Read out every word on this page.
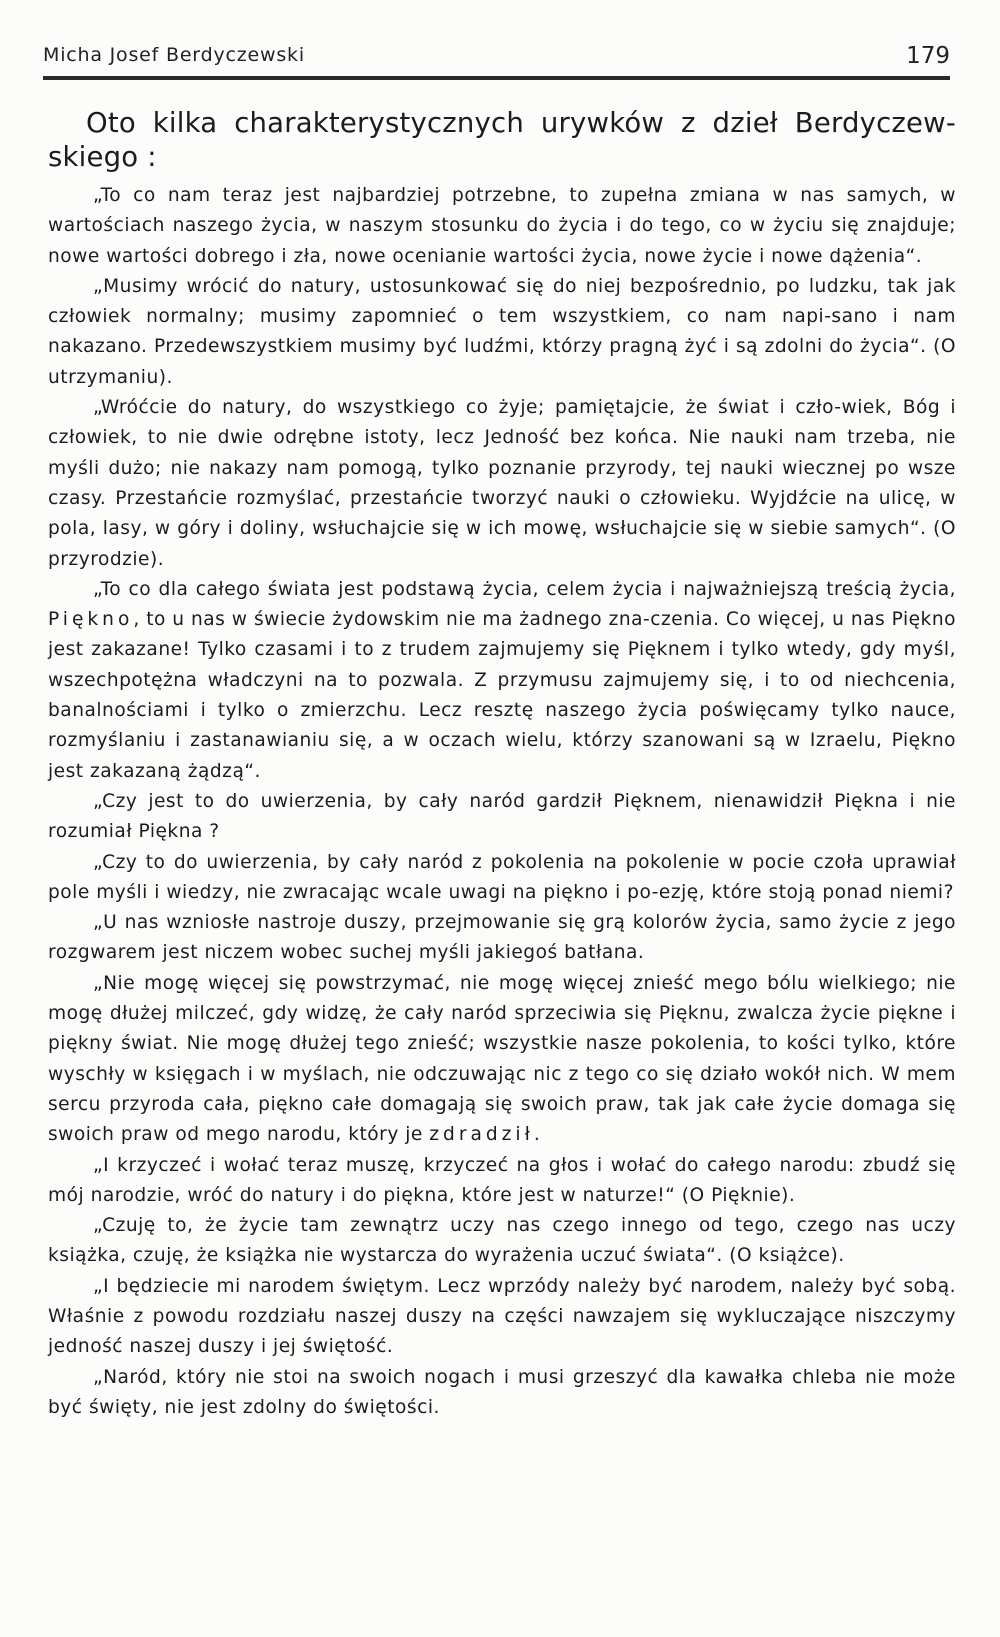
Micha Josef Berdyczewski	179

Oto kilka charakterystycznych urywków z dzieł Berdyczew-skiego :

„To co nam teraz jest najbardziej potrzebne, to zupełna zmiana w nas samych, w wartościach naszego życia, w naszym stosunku do życia i do tego, co w życiu się znajduje; nowe wartości dobrego i zła, nowe ocenianie wartości życia, nowe życie i nowe dążenia“.

„Musimy wrócić do natury, ustosunkować się do niej bezpośrednio, po ludzku, tak jak człowiek normalny; musimy zapomnieć o tem wszystkiem, co nam napi-sano i nam nakazano. Przedewszystkiem musimy być ludźmi, którzy pragną żyć i są zdolni do życia“. (O utrzymaniu).

„Wróćcie do natury, do wszystkiego co żyje; pamiętajcie, że świat i czło-wiek, Bóg i człowiek, to nie dwie odrębne istoty, lecz Jedność bez końca. Nie nauki nam trzeba, nie myśli dużo; nie nakazy nam pomogą, tylko poznanie przyrody, tej nauki wiecznej po wsze czasy. Przestańcie rozmyślać, przestańcie tworzyć nauki o człowieku. Wyjdźcie na ulicę, w pola, lasy, w góry i doliny, wsłuchajcie się w ich mowę, wsłuchajcie się w siebie samych“. (O przyrodzie).

„To co dla całego świata jest podstawą życia, celem życia i najważniejszą treścią życia, Piękno, to u nas w świecie żydowskim nie ma żadnego zna-czenia. Co więcej, u nas Piękno jest zakazane! Tylko czasami i to z trudem zajmujemy się Pięknem i tylko wtedy, gdy myśl, wszechpotężna władczyni na to pozwala. Z przymusu zajmujemy się, i to od niechcenia, banalnościami i tylko o zmierzchu. Lecz resztę naszego życia poświęcamy tylko nauce, rozmyślaniu i zastanawianiu się, a w oczach wielu, którzy szanowani są w Izraelu, Piękno jest zakazaną żądzą“.

„Czy jest to do uwierzenia, by cały naród gardził Pięknem, nienawidził Piękna i nie rozumiał Piękna ?

„Czy to do uwierzenia, by cały naród z pokolenia na pokolenie w pocie czoła uprawiał pole myśli i wiedzy, nie zwracając wcale uwagi na piękno i po-ezję, które stoją ponad niemi?

„U nas wzniosłe nastroje duszy, przejmowanie się grą kolorów życia, samo życie z jego rozgwarem jest niczem wobec suchej myśli jakiegoś batłana.

„Nie mogę więcej się powstrzymać, nie mogę więcej znieść mego bólu wielkiego; nie mogę dłużej milczeć, gdy widzę, że cały naród sprzeciwia się Pięknu, zwalcza życie piękne i piękny świat. Nie mogę dłużej tego znieść; wszystkie nasze pokolenia, to kości tylko, które wyschły w księgach i w myślach, nie odczuwając nic z tego co się działo wokół nich. W mem sercu przyroda cała, piękno całe domagają się swoich praw, tak jak całe życie domaga się swoich praw od mego narodu, który je zdradził.

„I krzyczeć i wołać teraz muszę, krzyczeć na głos i wołać do całego narodu: zbudź się mój narodzie, wróć do natury i do piękna, które jest w naturze!“ (O Pięknie).

„Czuję to, że życie tam zewnątrz uczy nas czego innego od tego, czego nas uczy książka, czuję, że książka nie wystarcza do wyrażenia uczuć świata“. (O książce).

„I będziecie mi narodem świętym. Lecz wprzódy należy być narodem, należy być sobą. Właśnie z powodu rozdziału naszej duszy na części nawzajem się wykluczające niszczymy jedność naszej duszy i jej świętość.

„Naród, który nie stoi na swoich nogach i musi grzeszyć dla kawałka chleba nie może być święty, nie jest zdolny do świętości.
